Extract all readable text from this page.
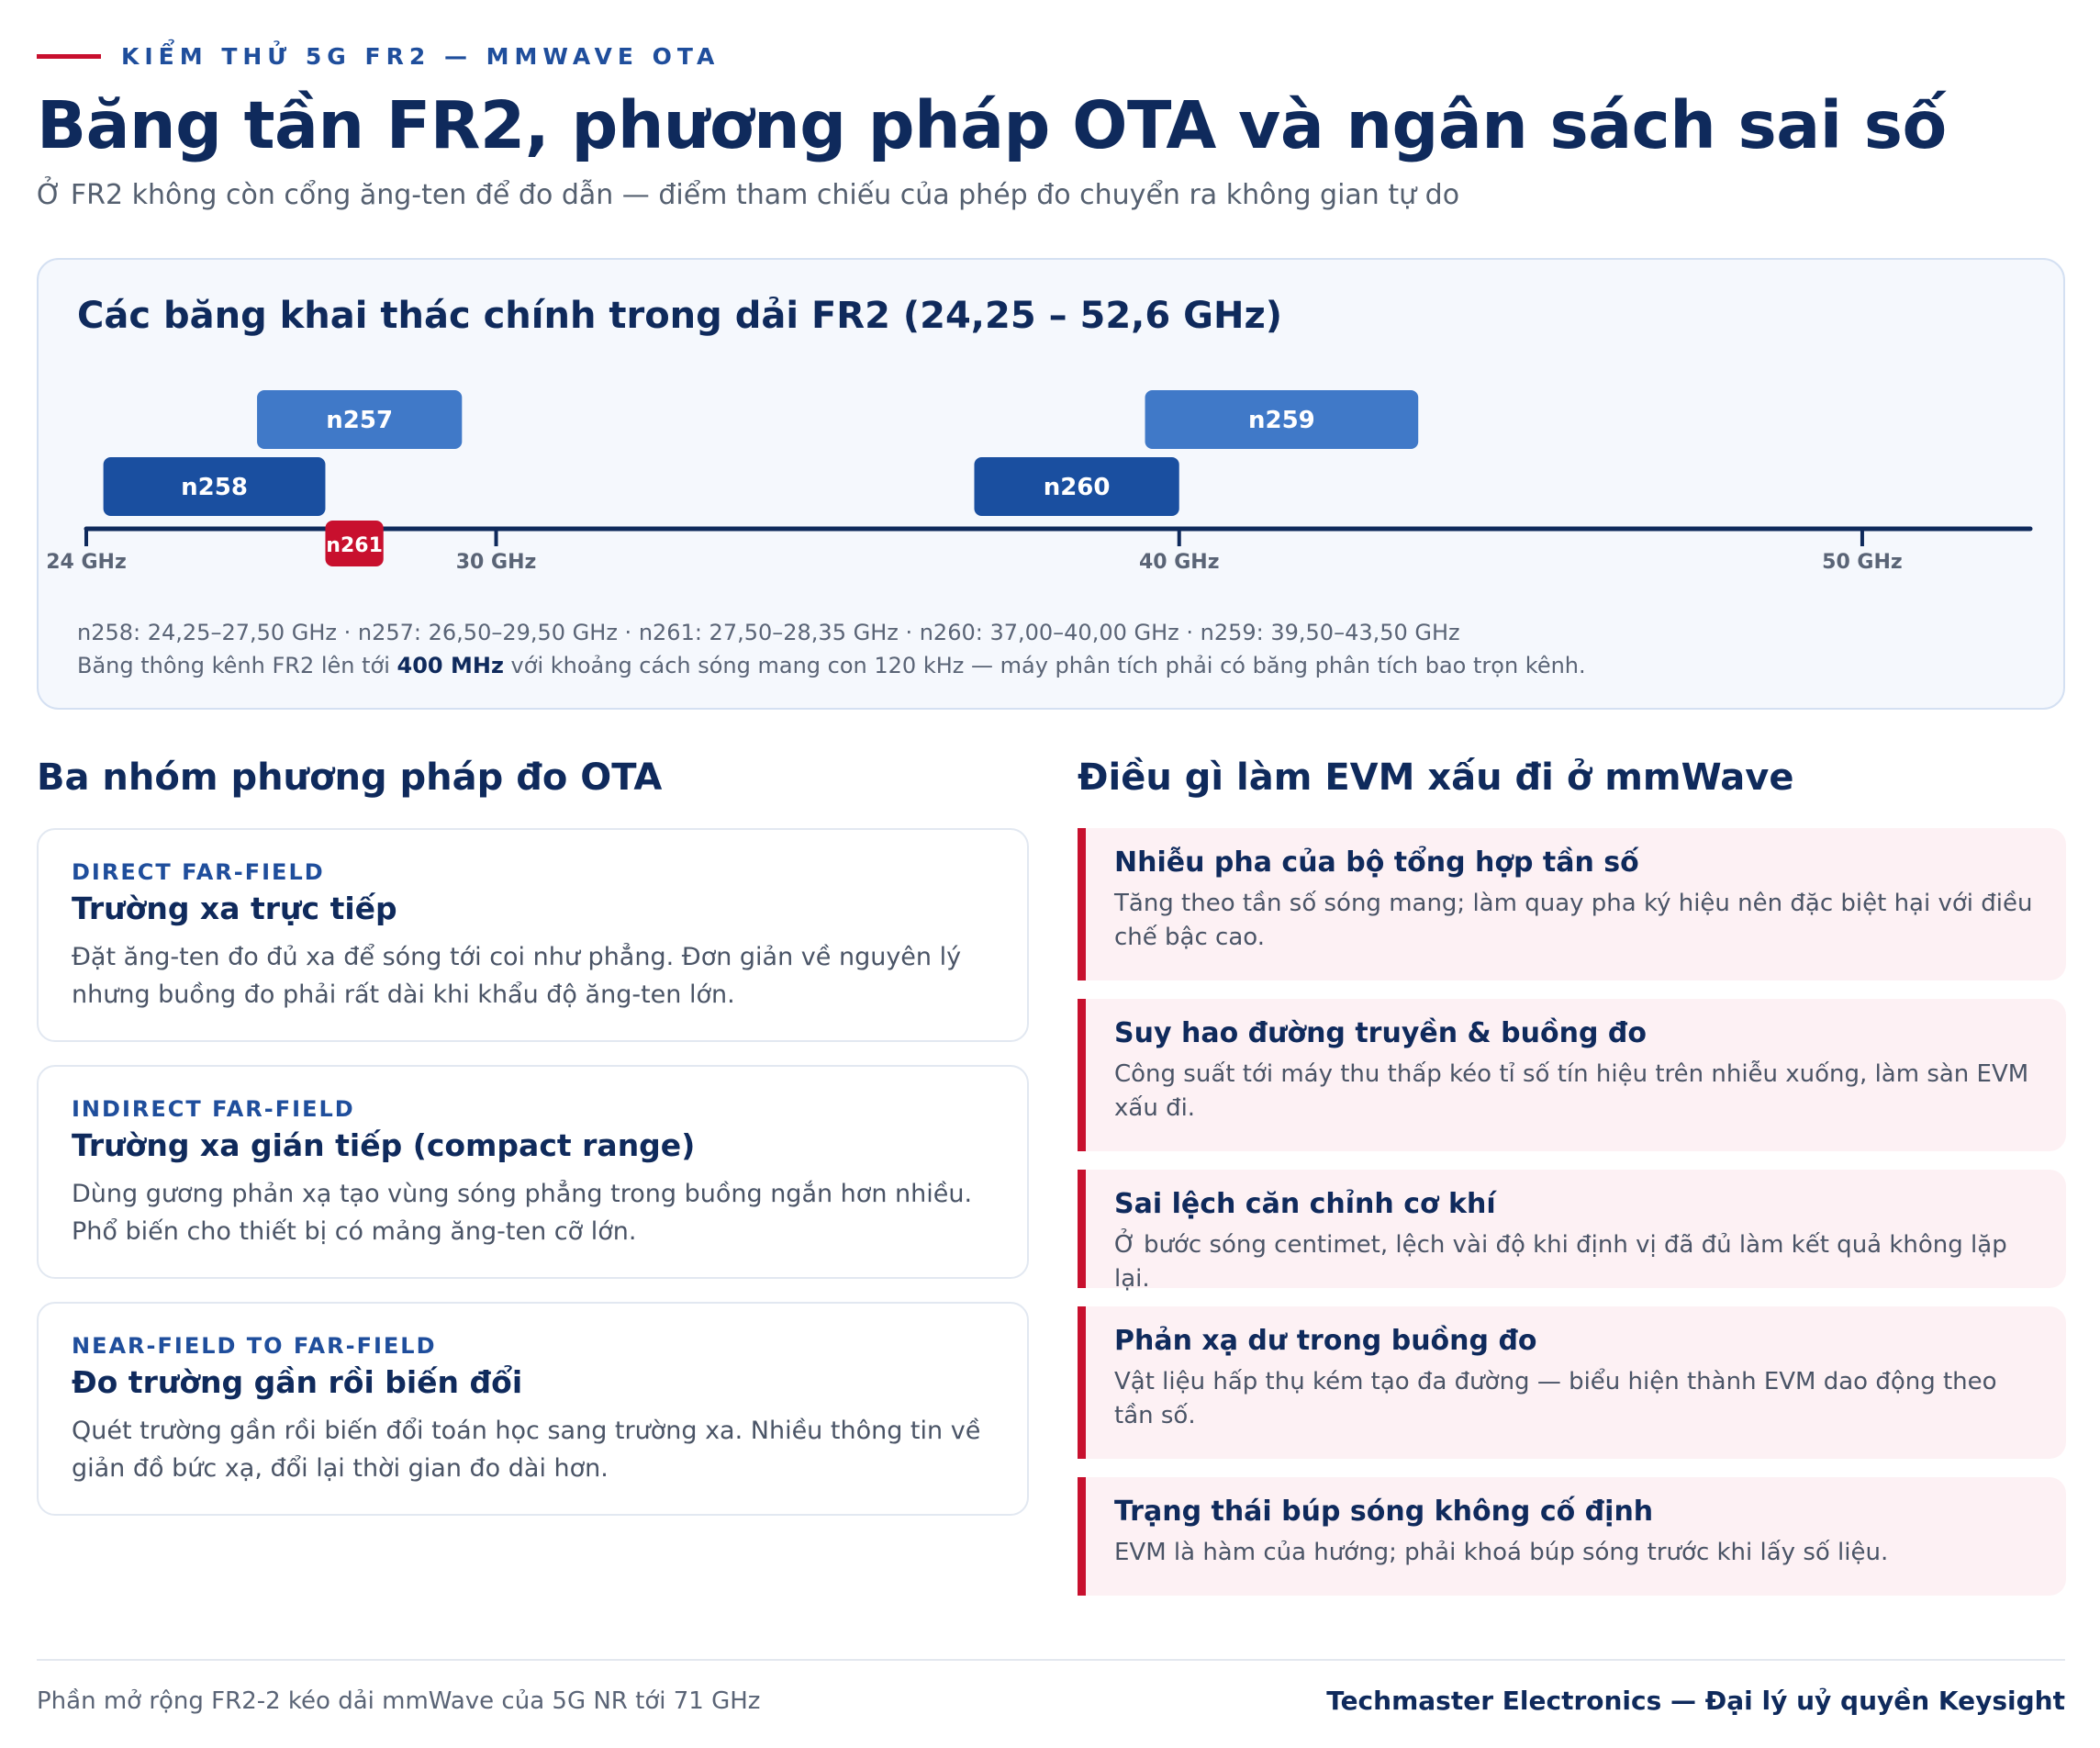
KIỂM THỬ 5G FR2 — MMWAVE OTA
Băng tần FR2, phương pháp OTA và ngân sách sai số
Ở FR2 không còn cổng ăng-ten để đo dẫn — điểm tham chiếu của phép đo chuyển ra không gian tự do
Các băng khai thác chính trong dải FR2 (24,25 – 52,6 GHz)
24 GHz	30 GHz	40 GHz	50 GHz
n257	n259
n258	n260
n261
n258: 24,25–27,50 GHz · n257: 26,50–29,50 GHz · n261: 27,50–28,35 GHz · n260: 37,00–40,00 GHz · n259: 39,50–43,50 GHz
Băng thông kênh FR2 lên tới 400 MHz với khoảng cách sóng mang con 120 kHz — máy phân tích phải có băng phân tích bao trọn kênh.
Ba nhóm phương pháp đo OTA
DIRECT FAR-FIELD
Trường xa trực tiếp
Đặt ăng-ten đo đủ xa để sóng tới coi như phẳng. Đơn giản về nguyên lý nhưng buồng đo phải rất dài khi khẩu độ ăng-ten lớn.
INDIRECT FAR-FIELD
Trường xa gián tiếp (compact range)
Dùng gương phản xạ tạo vùng sóng phẳng trong buồng ngắn hơn nhiều. Phổ biến cho thiết bị có mảng ăng-ten cỡ lớn.
NEAR-FIELD TO FAR-FIELD
Đo trường gần rồi biến đổi
Quét trường gần rồi biến đổi toán học sang trường xa. Nhiều thông tin về giản đồ bức xạ, đổi lại thời gian đo dài hơn.
Điều gì làm EVM xấu đi ở mmWave
Nhiễu pha của bộ tổng hợp tần số
Tăng theo tần số sóng mang; làm quay pha ký hiệu nên đặc biệt hại với điều chế bậc cao.
Suy hao đường truyền & buồng đo
Công suất tới máy thu thấp kéo tỉ số tín hiệu trên nhiễu xuống, làm sàn EVM xấu đi.
Sai lệch căn chỉnh cơ khí
Ở bước sóng centimet, lệch vài độ khi định vị đã đủ làm kết quả không lặp lại.
Phản xạ dư trong buồng đo
Vật liệu hấp thụ kém tạo đa đường — biểu hiện thành EVM dao động theo tần số.
Trạng thái búp sóng không cố định
EVM là hàm của hướng; phải khoá búp sóng trước khi lấy số liệu.
Phần mở rộng FR2-2 kéo dải mmWave của 5G NR tới 71 GHz	Techmaster Electronics — Đại lý uỷ quyền Keysight
